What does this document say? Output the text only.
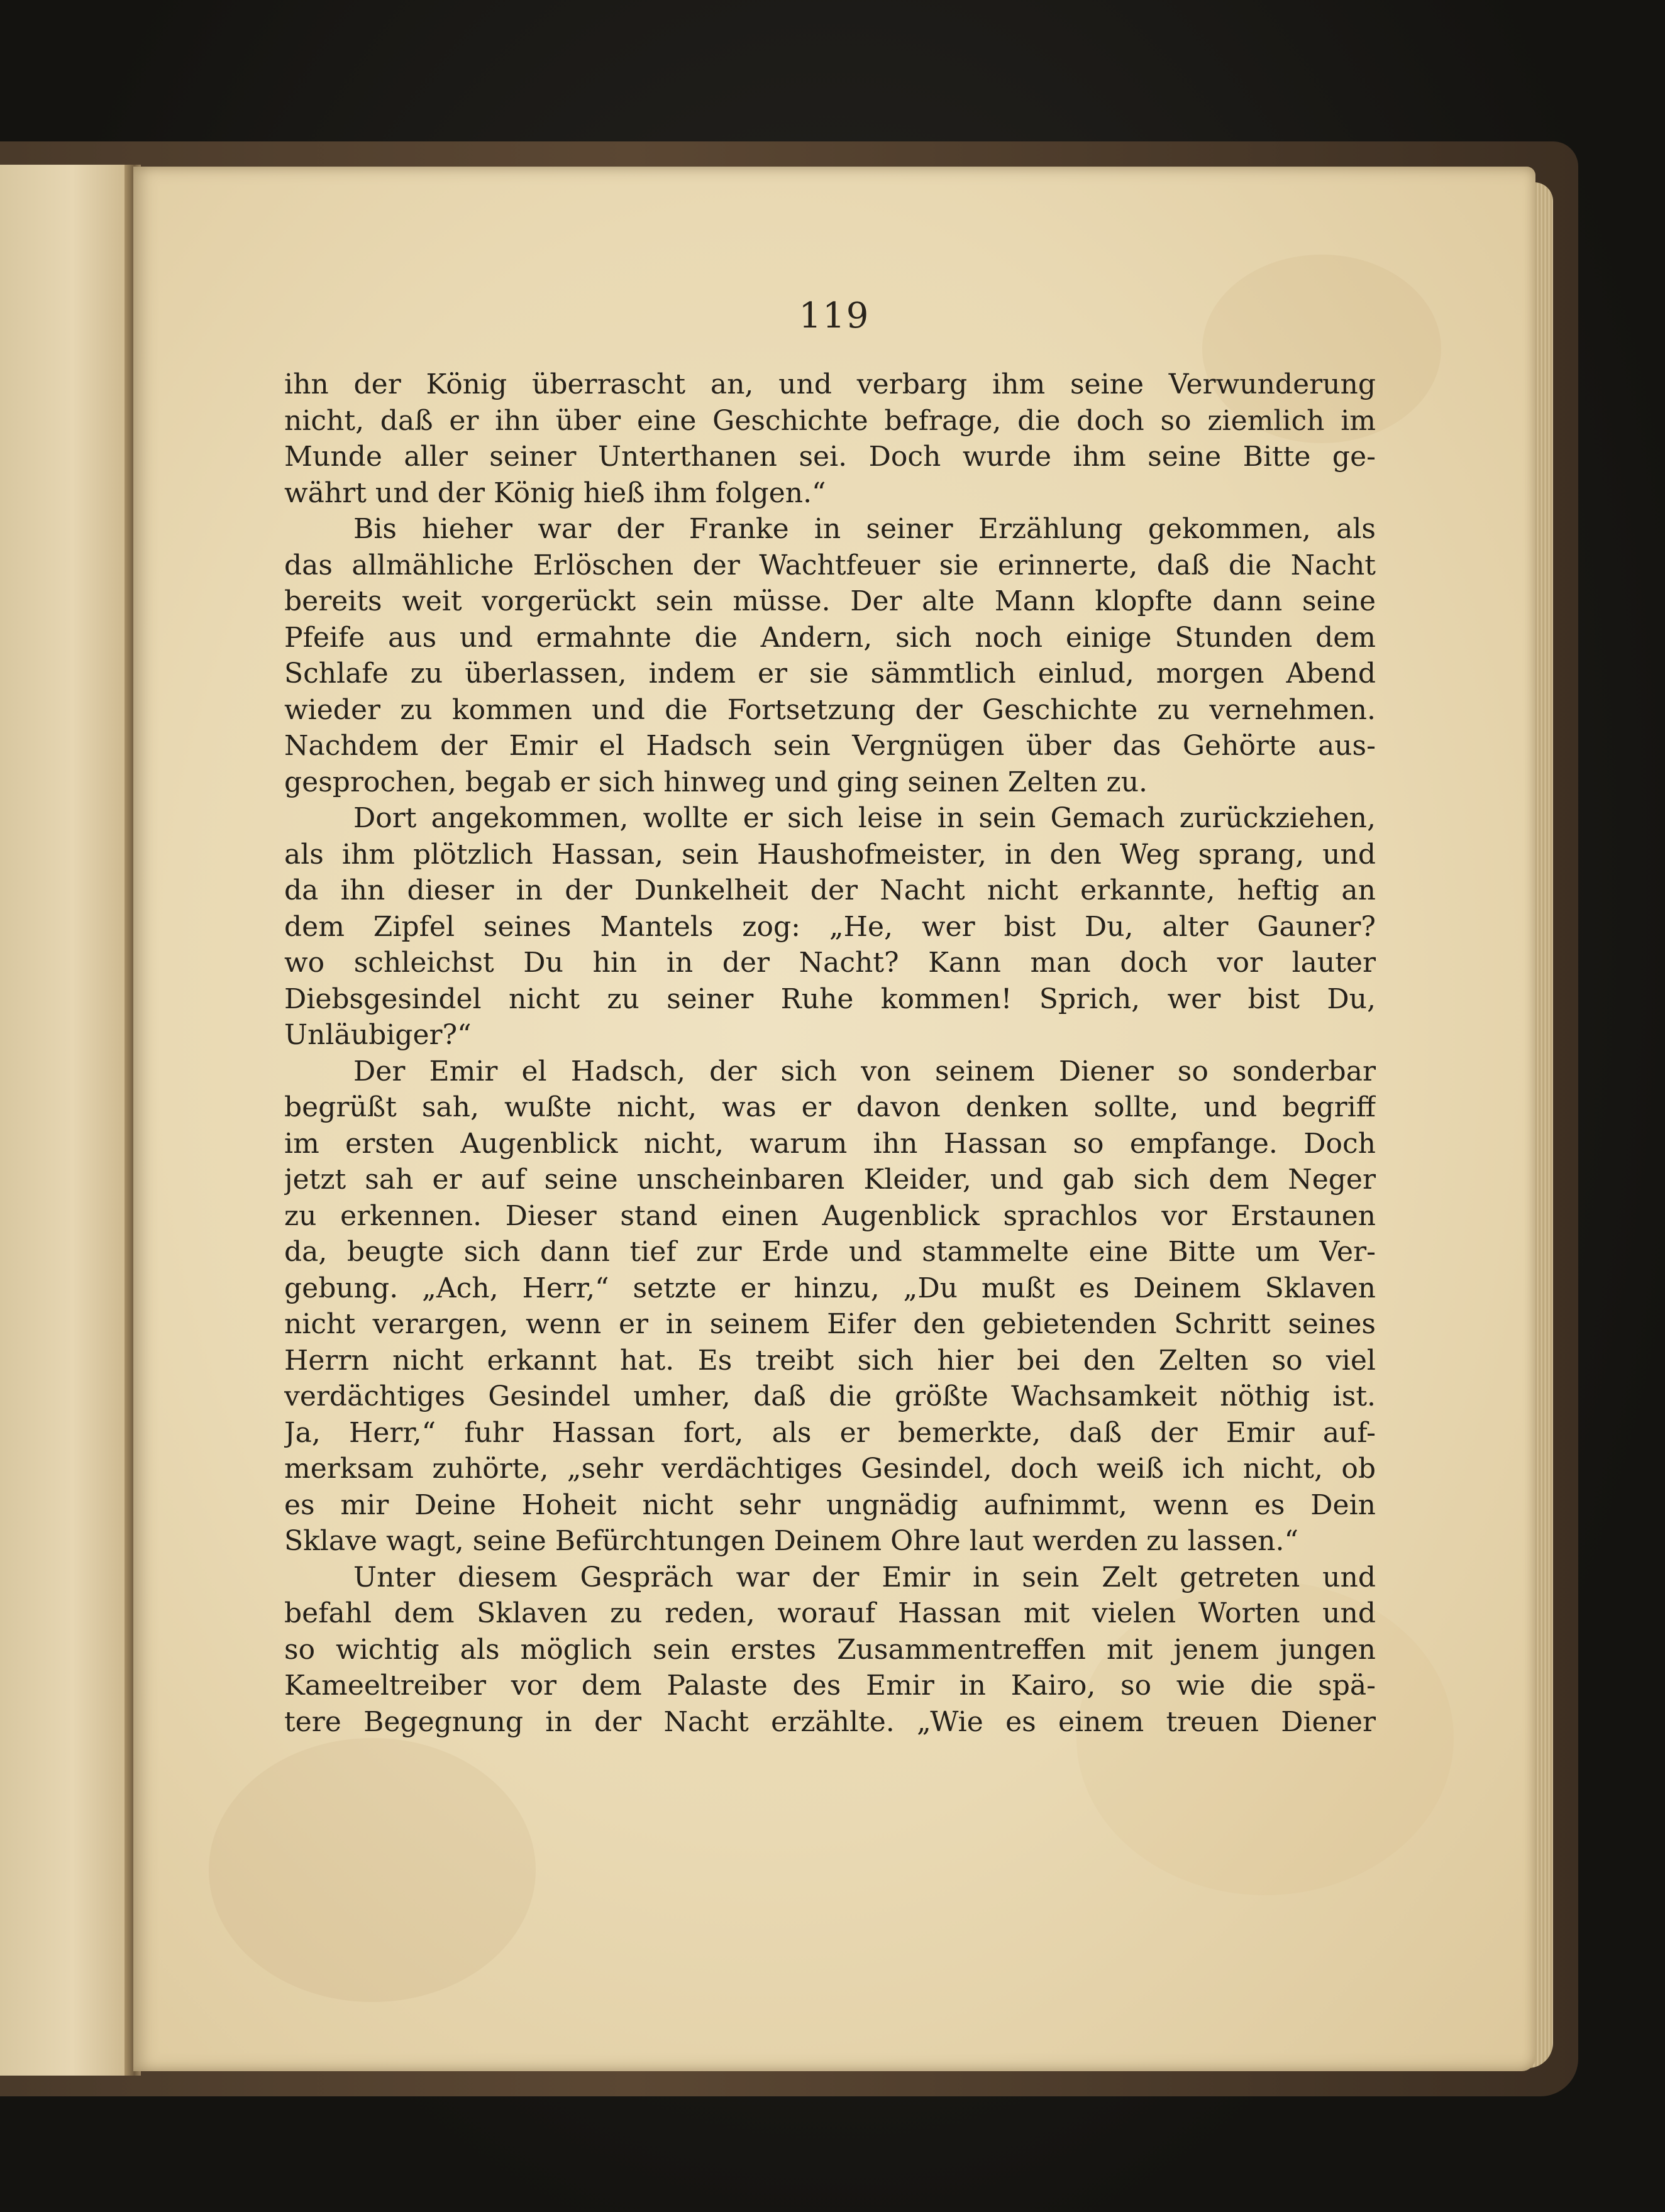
119
ihn der König überrascht an, und verbarg ihm seine Verwunderung
nicht, daß er ihn über eine Geschichte befrage, die doch so ziemlich im
Munde aller seiner Unterthanen sei. Doch wurde ihm seine Bitte ge-
währt und der König hieß ihm folgen.“
Bis hieher war der Franke in seiner Erzählung gekommen, als
das allmähliche Erlöschen der Wachtfeuer sie erinnerte, daß die Nacht
bereits weit vorgerückt sein müsse. Der alte Mann klopfte dann seine
Pfeife aus und ermahnte die Andern, sich noch einige Stunden dem
Schlafe zu überlassen, indem er sie sämmtlich einlud, morgen Abend
wieder zu kommen und die Fortsetzung der Geschichte zu vernehmen.
Nachdem der Emir el Hadsch sein Vergnügen über das Gehörte aus-
gesprochen, begab er sich hinweg und ging seinen Zelten zu.
Dort angekommen, wollte er sich leise in sein Gemach zurückziehen,
als ihm plötzlich Hassan, sein Haushofmeister, in den Weg sprang, und
da ihn dieser in der Dunkelheit der Nacht nicht erkannte, heftig an
dem Zipfel seines Mantels zog: „He, wer bist Du, alter Gauner?
wo schleichst Du hin in der Nacht? Kann man doch vor lauter
Diebsgesindel nicht zu seiner Ruhe kommen! Sprich, wer bist Du,
Unläubiger?“
Der Emir el Hadsch, der sich von seinem Diener so sonderbar
begrüßt sah, wußte nicht, was er davon denken sollte, und begriff
im ersten Augenblick nicht, warum ihn Hassan so empfange. Doch
jetzt sah er auf seine unscheinbaren Kleider, und gab sich dem Neger
zu erkennen. Dieser stand einen Augenblick sprachlos vor Erstaunen
da, beugte sich dann tief zur Erde und stammelte eine Bitte um Ver-
gebung. „Ach, Herr,“ setzte er hinzu, „Du mußt es Deinem Sklaven
nicht verargen, wenn er in seinem Eifer den gebietenden Schritt seines
Herrn nicht erkannt hat. Es treibt sich hier bei den Zelten so viel
verdächtiges Gesindel umher, daß die größte Wachsamkeit nöthig ist.
Ja, Herr,“ fuhr Hassan fort, als er bemerkte, daß der Emir auf-
merksam zuhörte, „sehr verdächtiges Gesindel, doch weiß ich nicht, ob
es mir Deine Hoheit nicht sehr ungnädig aufnimmt, wenn es Dein
Sklave wagt, seine Befürchtungen Deinem Ohre laut werden zu lassen.“
Unter diesem Gespräch war der Emir in sein Zelt getreten und
befahl dem Sklaven zu reden, worauf Hassan mit vielen Worten und
so wichtig als möglich sein erstes Zusammentreffen mit jenem jungen
Kameeltreiber vor dem Palaste des Emir in Kairo, so wie die spä-
tere Begegnung in der Nacht erzählte. „Wie es einem treuen Diener
